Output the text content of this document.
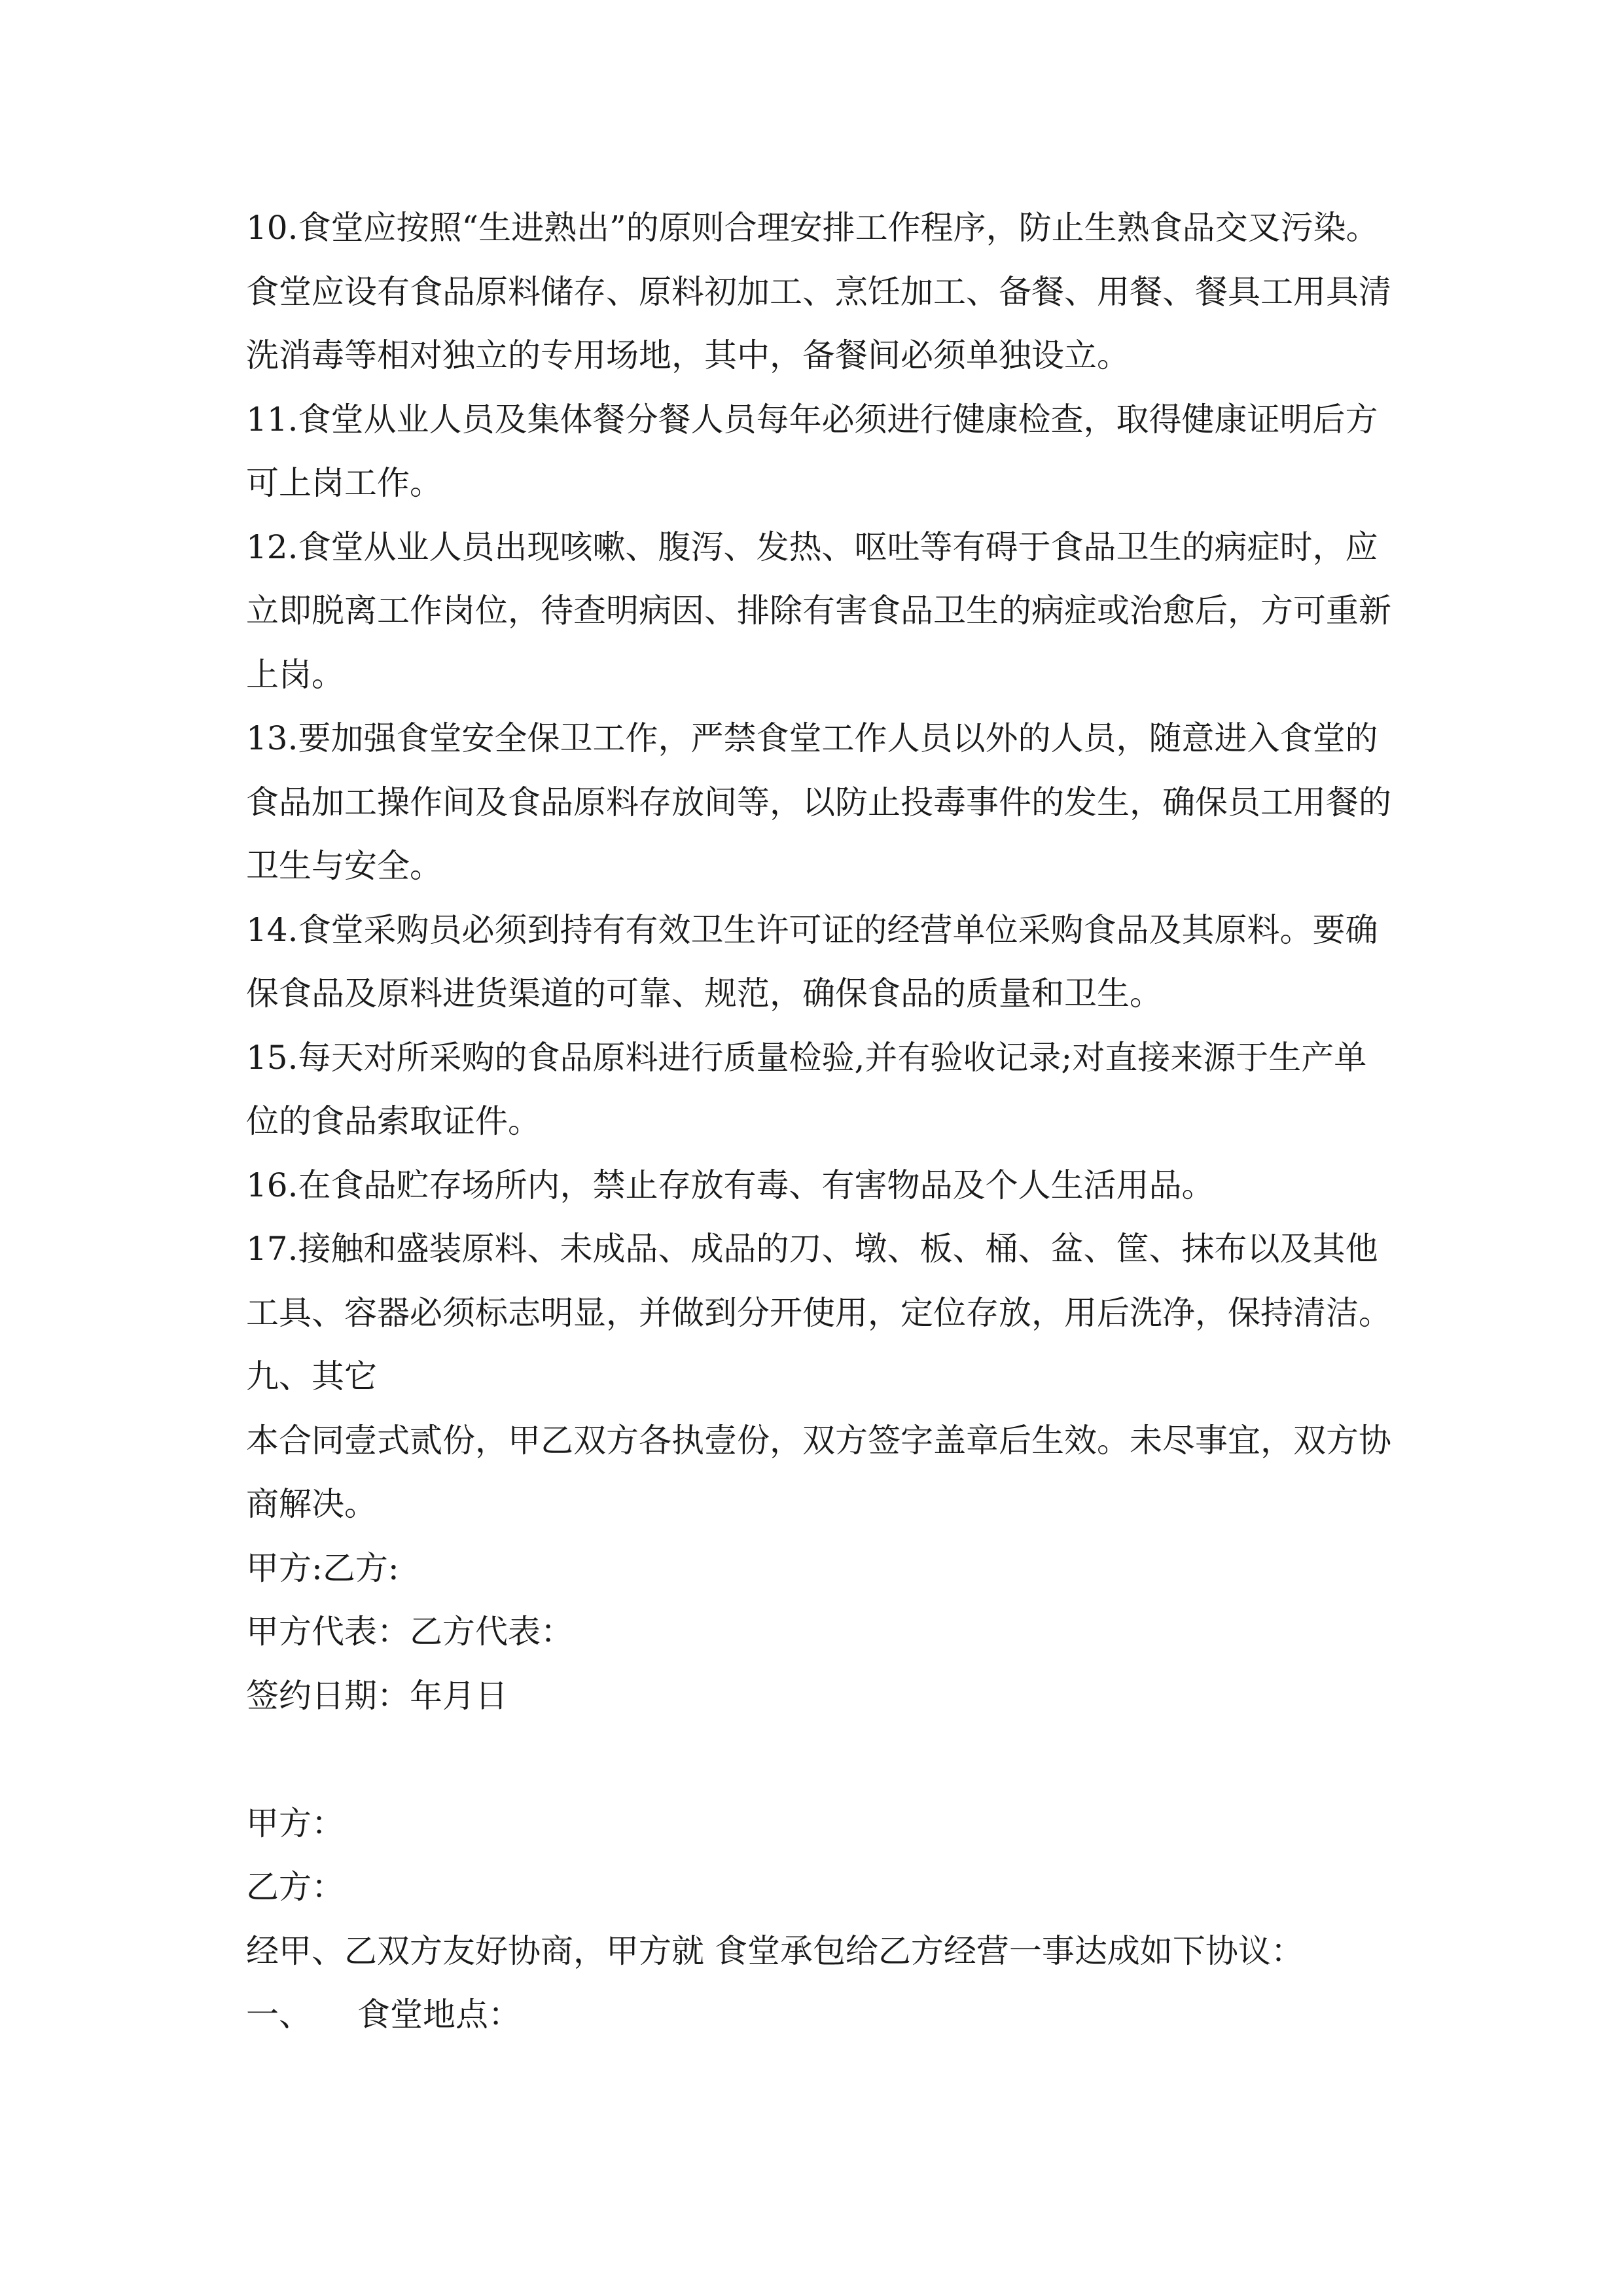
10.食堂应按照“生进熟出”的原则合理安排工作程序，防止生熟食品交叉污染。
食堂应设有食品原料储存、原料初加工、烹饪加工、备餐、用餐、餐具工用具清
洗消毒等相对独立的专用场地，其中，备餐间必须单独设立。
11.食堂从业人员及集体餐分餐人员每年必须进行健康检查，取得健康证明后方
可上岗工作。
12.食堂从业人员出现咳嗽、腹泻、发热、呕吐等有碍于食品卫生的病症时，应
立即脱离工作岗位，待查明病因、排除有害食品卫生的病症或治愈后，方可重新
上岗。
13.要加强食堂安全保卫工作，严禁食堂工作人员以外的人员，随意进入食堂的
食品加工操作间及食品原料存放间等，以防止投毒事件的发生，确保员工用餐的
卫生与安全。
14.食堂采购员必须到持有有效卫生许可证的经营单位采购食品及其原料。要确
保食品及原料进货渠道的可靠、规范，确保食品的质量和卫生。
15.每天对所采购的食品原料进行质量检验,并有验收记录;对直接来源于生产单
位的食品索取证件。
16.在食品贮存场所内，禁止存放有毒、有害物品及个人生活用品。
17.接触和盛装原料、未成品、成品的刀、墩、板、桶、盆、筐、抹布以及其他
工具、容器必须标志明显，并做到分开使用，定位存放，用后洗净，保持清洁。
九、其它
本合同壹式贰份，甲乙双方各执壹份，双方签字盖章后生效。未尽事宜，双方协
商解决。
甲方:乙方:
甲方代表：乙方代表：
签约日期：年月日
甲方：
乙方：
经甲、乙双方友好协商，甲方就 食堂承包给乙方经营一事达成如下协议：
一、 食堂地点：
